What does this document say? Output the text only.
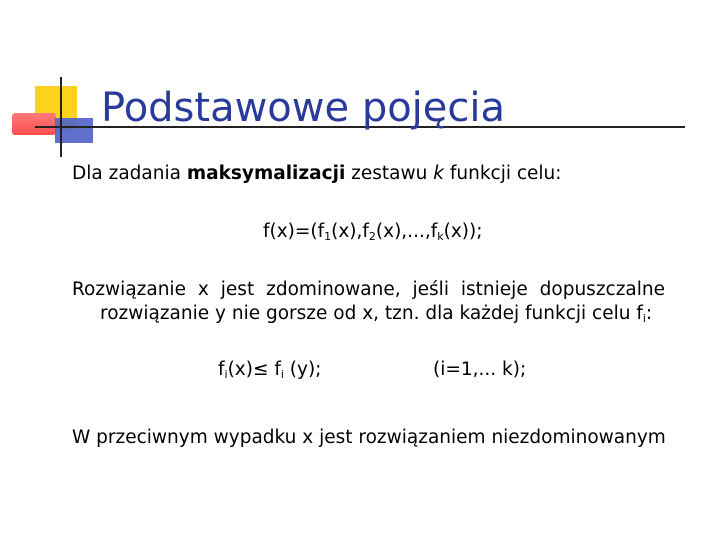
Podstawowe pojęcia
Dla zadania maksymalizacji zestawu k funkcji celu:
$f(x)=(f_1(x),f_2(x),...,f_k(x))$;
Rozwiązanie x jest zdominowane, jeśli istnieje dopuszczalne
rozwiązanie y nie gorsze od x, tzn. dla każdej funkcji celu $f_i$:
$f_i(x)\le f_i$ (y);	(i=1,... k);
W przeciwnym wypadku x jest rozwiązaniem niezdominowanym
